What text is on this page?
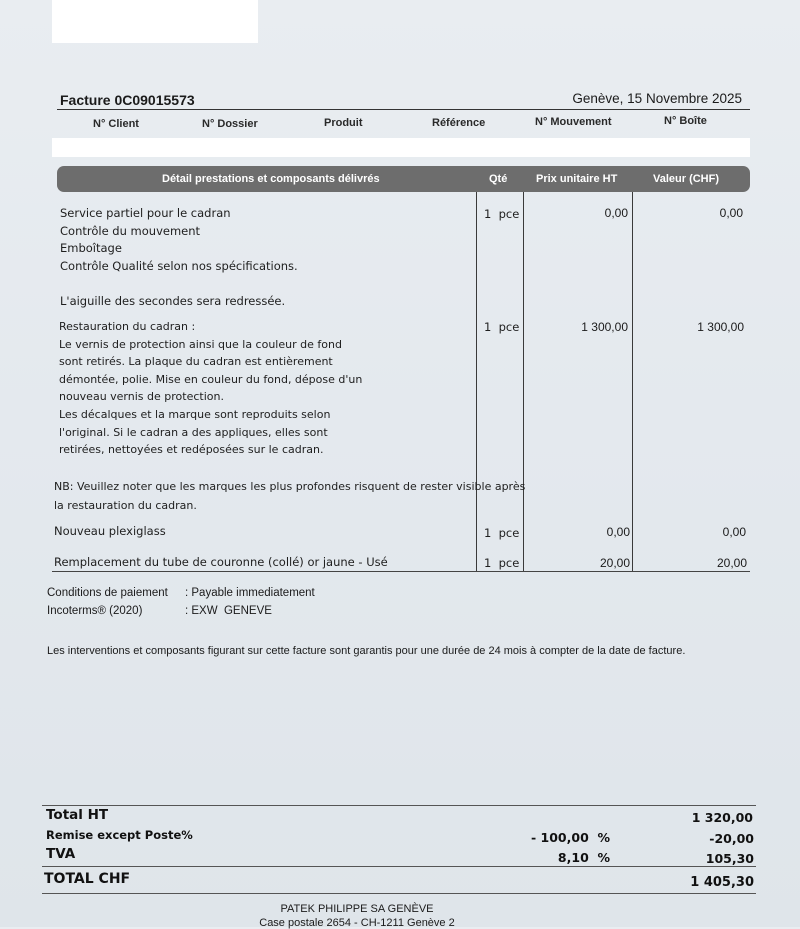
Facture 0C09015573	Genève, 15 Novembre 2025
N° Client	N° Dossier	Produit	Référence	N° Mouvement	N° Boîte
Détail prestations et composants délivrés	Qté	Prix unitaire HT	Valeur (CHF)
Service partiel pour le cadran
Contrôle du mouvement
Emboîtage
Contrôle Qualité selon nos spécifications.
L'aiguille des secondes sera redressée.
1  pce	0,00	0,00
Restauration du cadran :
Le vernis de protection ainsi que la couleur de fond
sont retirés. La plaque du cadran est entièrement
démontée, polie. Mise en couleur du fond, dépose d'un
nouveau vernis de protection.
Les décalques et la marque sont reproduits selon
l'original. Si le cadran a des appliques, elles sont
retirées, nettoyées et redéposées sur le cadran.
1  pce	1 300,00	1 300,00
NB: Veuillez noter que les marques les plus profondes risquent de rester visible après
la restauration du cadran.
Nouveau plexiglass	1  pce	0,00	0,00
Remplacement du tube de couronne (collé) or jaune - Usé	1  pce	20,00	20,00
Conditions de paiement : Payable immediatement
Incoterms® (2020)	: EXW  GENEVE
Les interventions et composants figurant sur cette facture sont garantis pour une durée de 24 mois à compter de la date de facture.
Total HT	1 320,00
Remise except Poste%	- 100,00  %	-20,00
TVA	8,10  %	105,30
TOTAL CHF	1 405,30
PATEK PHILIPPE SA GENÈVE
Case postale 2654 - CH-1211 Genève 2
